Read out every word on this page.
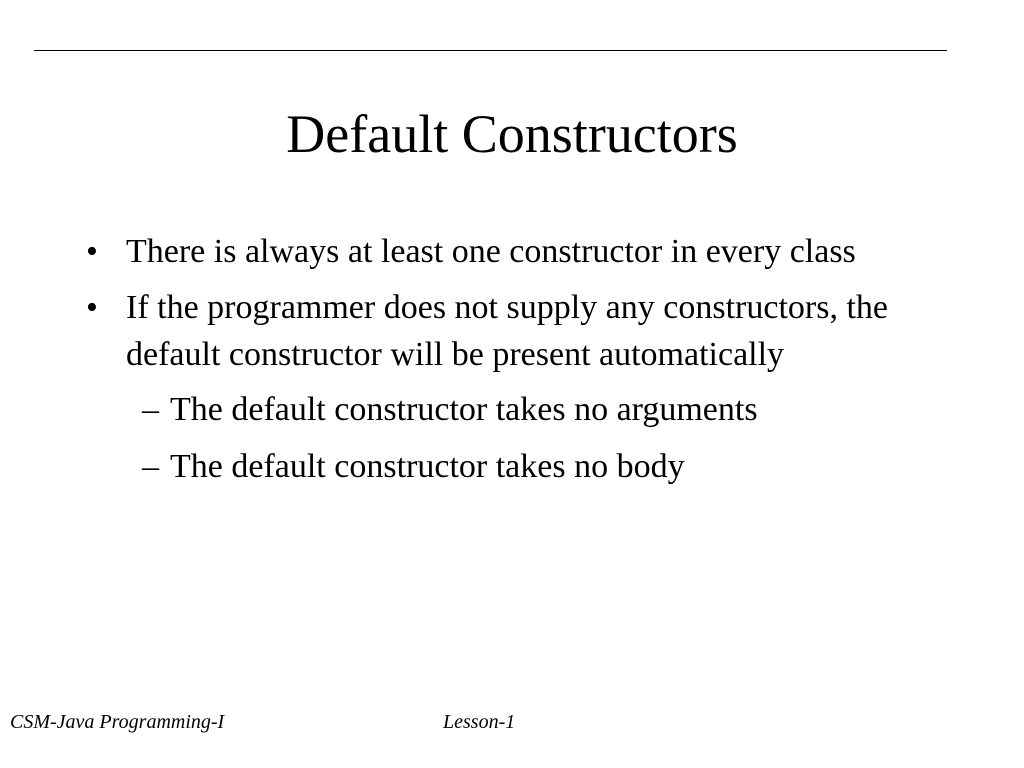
Default Constructors
• There is always at least one constructor in every class
• If the programmer does not supply any constructors, the default constructor will be present automatically
– The default constructor takes no arguments
– The default constructor takes no body
CSM-Java Programming-I	Lesson-1
